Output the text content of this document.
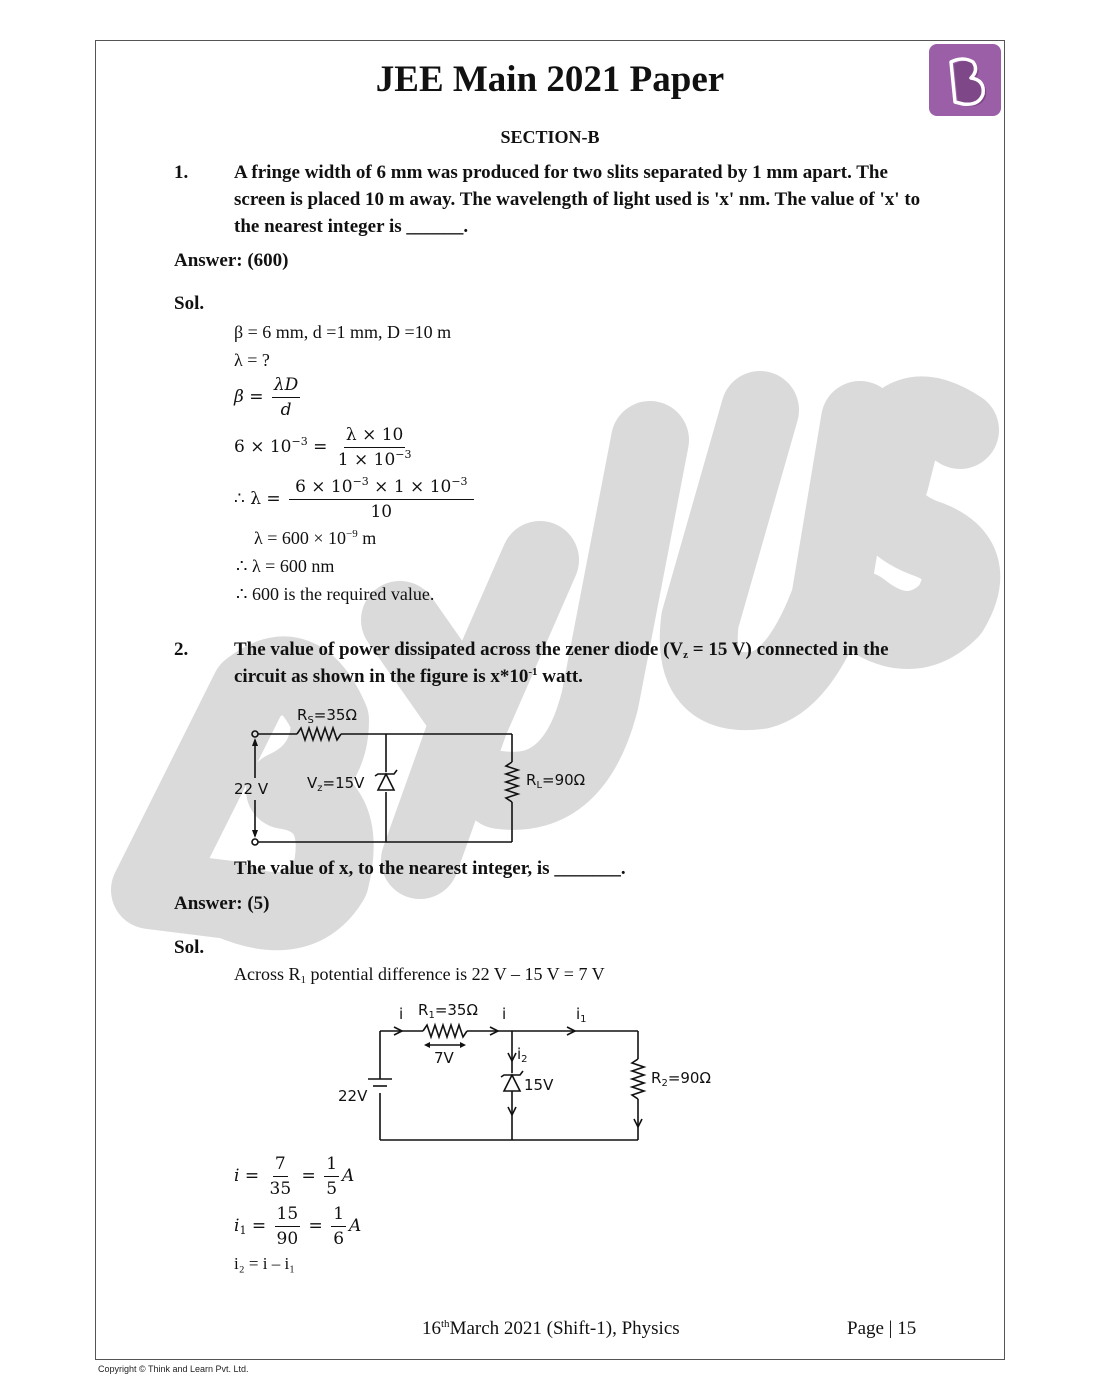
JEE Main 2021 Paper
SECTION-B
1. A fringe width of 6 mm was produced for two slits separated by 1 mm apart. The screen is placed 10 m away. The wavelength of light used is 'x' nm. The value of 'x' to the nearest integer is ______.
Answer: (600)
Sol.
β = 6 mm, d =1 mm, D =10 m
λ = ?
$\beta = \frac{\lambda D}{d}$
$6 \times 10^{-3} = \frac{\lambda \times 10}{1 \times 10^{-3}}$
∴ $\lambda = \frac{6 \times 10^{-3} \times 1 \times 10^{-3}}{10}$
$\lambda = 600 \times 10^{-9}$ m
∴ λ = 600 nm
∴ 600 is the required value.
2. The value of power dissipated across the zener diode ($V_z = 15$ V) connected in the circuit as shown in the figure is $x*10^{-1}$ watt.
$R_S=35\Omega$
22 V	$V_z=15V$	$R_L=90\Omega$
The value of x, to the nearest integer, is _______.
Answer: (5)
Sol.
Across $R_1$ potential difference is 22 V – 15 V = 7 V
i $R_1=35\Omega$ i	$i_1$
7V	$i_2$
15V
22V
$R_2=90\Omega$
$i = \frac{7}{35} = \frac{1}{5}$ A
$i_1 = \frac{15}{90} = \frac{1}{6}$ A
i₂ = i – i₁
16thMarch 2021 (Shift-1), Physics	Page | 15
Copyright © Think and Learn Pvt. Ltd.
